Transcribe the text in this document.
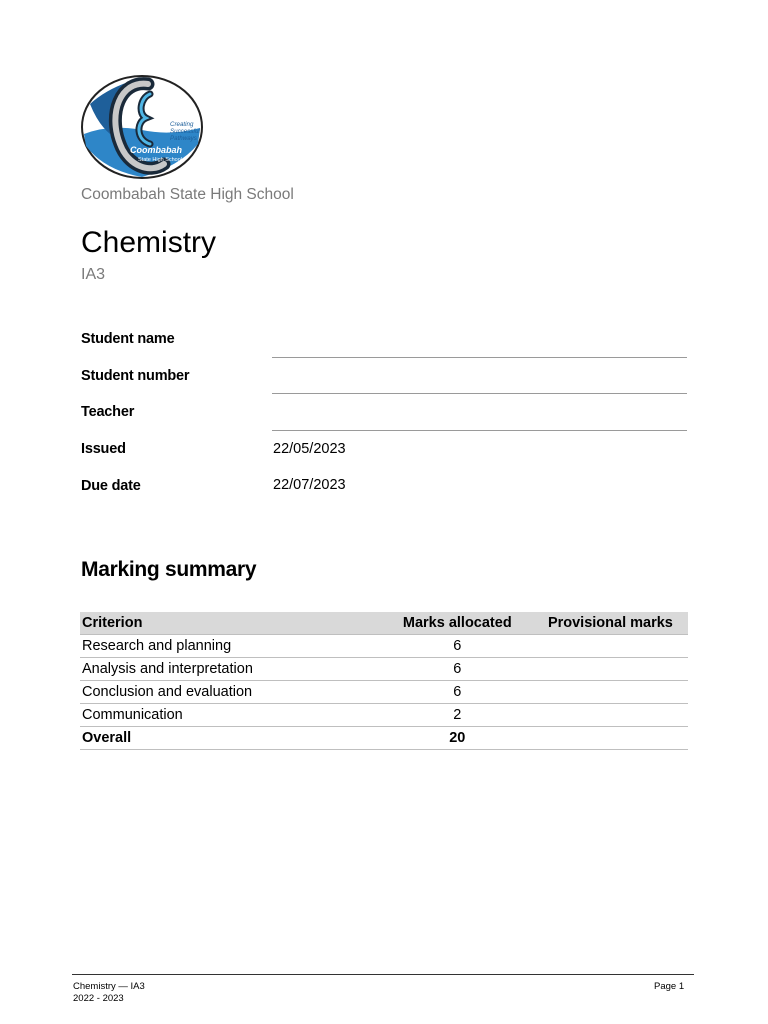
Creating
Successful
Pathways
Coombabah
State High School
Coombabah State High School
Chemistry
IA3
Student name
Student number
Teacher
Issued	22/05/2023
Due date	22/07/2023
Marking summary
Criterion	Marks allocated	Provisional marks
Research and planning	6	
Analysis and interpretation	6	
Conclusion and evaluation	6	
Communication	2	
Overall	20	
Chemistry — IA3
2022 - 2023
Page 1
